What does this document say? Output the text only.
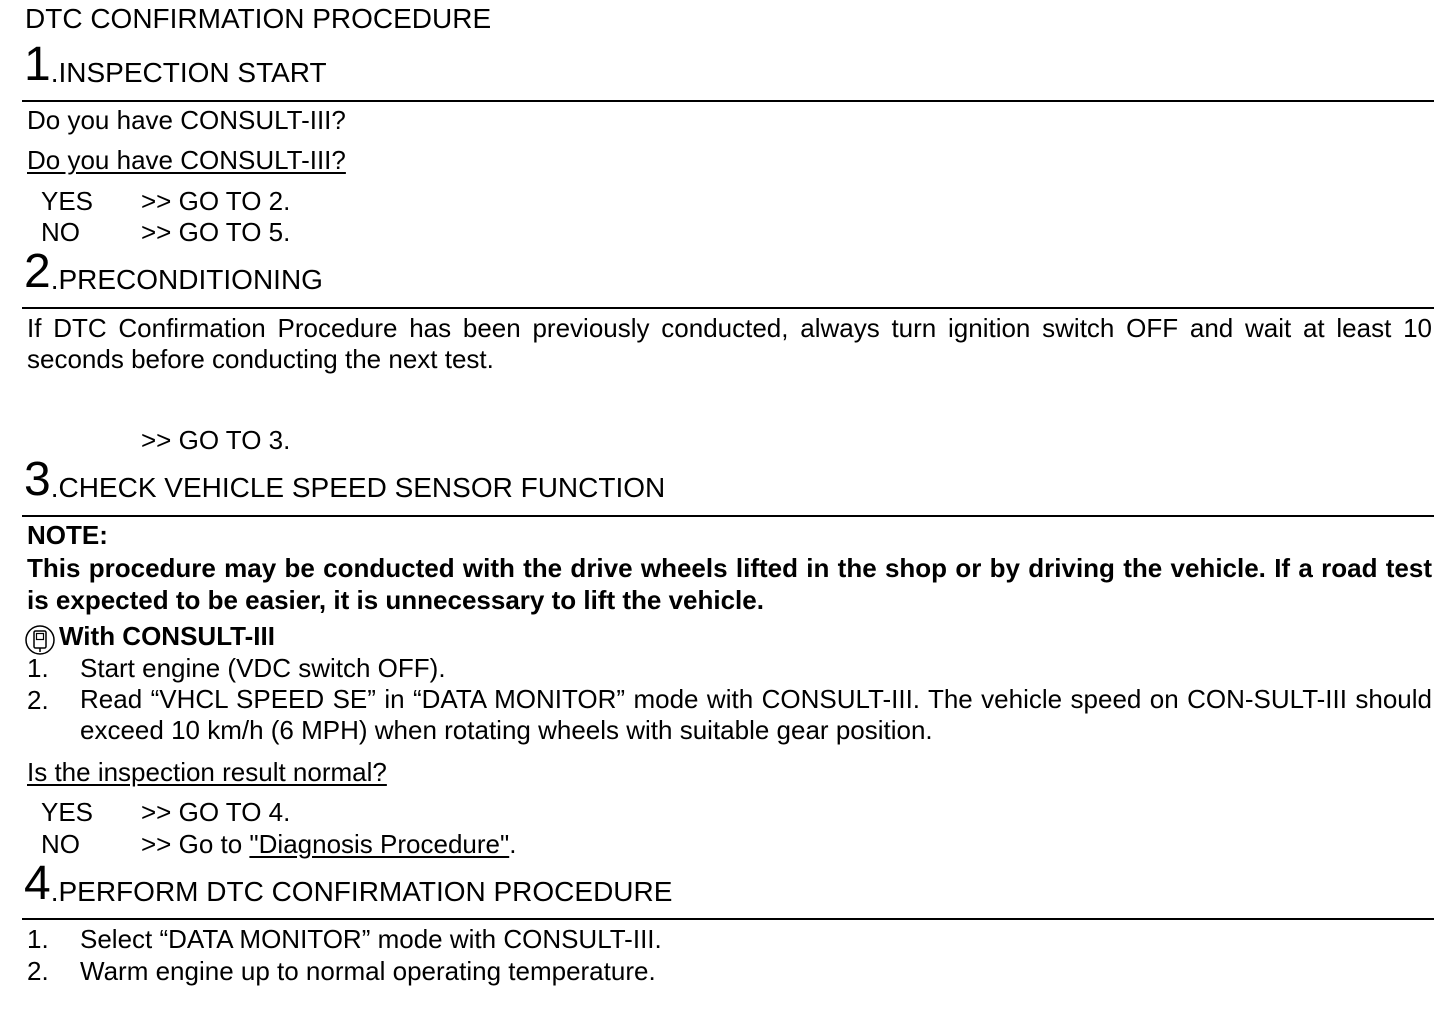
DTC CONFIRMATION PROCEDURE
1.INSPECTION START
Do you have CONSULT-III?
Do you have CONSULT-III?
YES >> GO TO 2.
NO >> GO TO 5.
2.PRECONDITIONING
If DTC Confirmation Procedure has been previously conducted, always turn ignition switch OFF and wait at least 10 seconds before conducting the next test.
>> GO TO 3.
3.CHECK VEHICLE SPEED SENSOR FUNCTION
NOTE:
This procedure may be conducted with the drive wheels lifted in the shop or by driving the vehicle. If a road test is expected to be easier, it is unnecessary to lift the vehicle.
With CONSULT-III
1. Start engine (VDC switch OFF).
2. Read “VHCL SPEED SE” in “DATA MONITOR” mode with CONSULT-III. The vehicle speed on CON-SULT-III should exceed 10 km/h (6 MPH) when rotating wheels with suitable gear position.
Is the inspection result normal?
YES >> GO TO 4.
NO >> Go to "Diagnosis Procedure".
4.PERFORM DTC CONFIRMATION PROCEDURE
1. Select “DATA MONITOR” mode with CONSULT-III.
2. Warm engine up to normal operating temperature.
